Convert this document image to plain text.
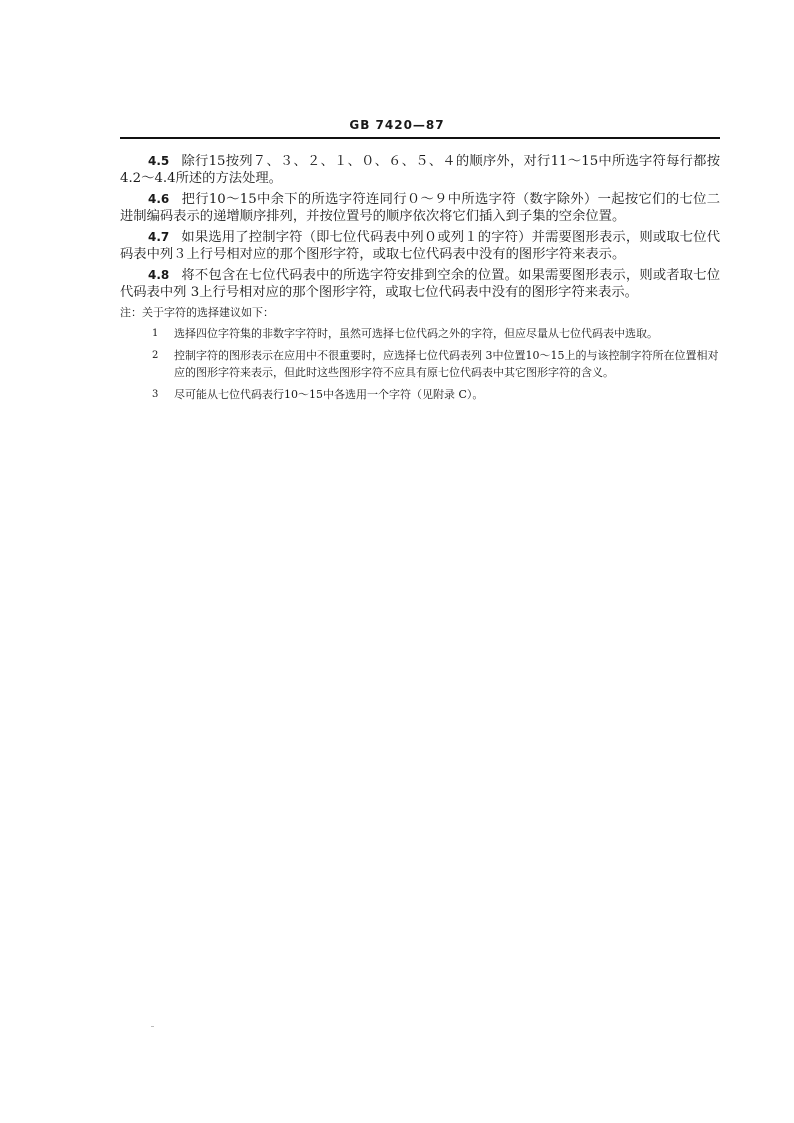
GB 7420—87

4.5 除行15按列７、３、２、１、０、６、５、４的顺序外，对行11～15中所选字符每行都按4.2～4.4所述的方法处理。

4.6 把行10～15中余下的所选字符连同行０～９中所选字符（数字除外）一起按它们的七位二进制编码表示的递增顺序排列，并按位置号的顺序依次将它们插入到子集的空余位置。

4.7 如果选用了控制字符（即七位代码表中列０或列１的字符）并需要图形表示，则或取七位代码表中列３上行号相对应的那个图形字符，或取七位代码表中没有的图形字符来表示。

4.8 将不包含在七位代码表中的所选字符安排到空余的位置。如果需要图形表示，则或者取七位代码表中列 3上行号相对应的那个图形字符，或取七位代码表中没有的图形字符来表示。

注：关于字符的选择建议如下：
1 选择四位字符集的非数字字符时，虽然可选择七位代码之外的字符，但应尽量从七位代码表中选取。
2 控制字符的图形表示在应用中不很重要时，应选择七位代码表列 3中位置10～15上的与该控制字符所在位置相对应的图形字符来表示，但此时这些图形字符不应具有原七位代码表中其它图形字符的含义。
3 尽可能从七位代码表行10～15中各选用一个字符（见附录 C）。
